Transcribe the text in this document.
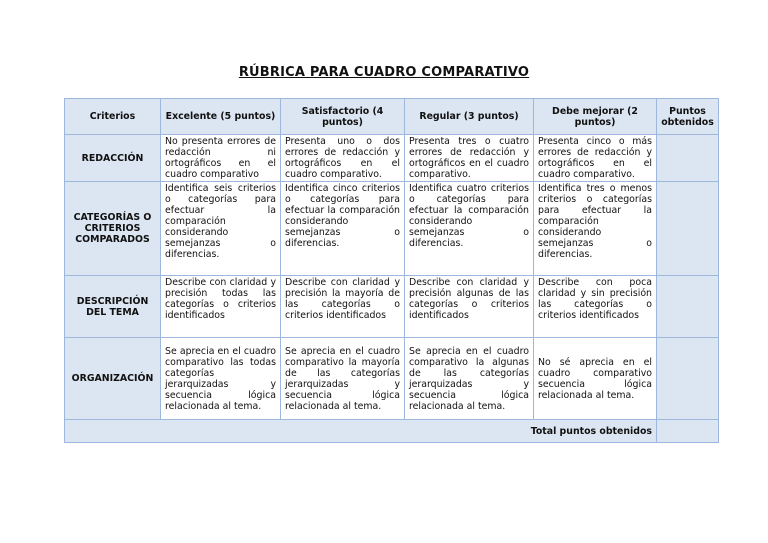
RÚBRICA PARA CUADRO COMPARATIVO
Criterios	Excelente (5 puntos)	Satisfactorio (4 puntos)	Regular (3 puntos)	Debe mejorar (2 puntos)	Puntos obtenidos
REDACCIÓN	No presenta errores de redacción ni ortográficos en el cuadro comparativo	Presenta uno o dos errores de redacción y ortográficos en el cuadro comparativo.	Presenta tres o cuatro errores de redacción y ortográficos en el cuadro comparativo.	Presenta cinco o más errores de redacción y ortográficos en el cuadro comparativo.	
CATEGORÍAS O CRITERIOS COMPARADOS	Identifica seis criterios o categorías para efectuar la comparación considerando semejanzas o diferencias.	Identifica cinco criterios o categorías para efectuar la comparación considerando semejanzas o diferencias.	Identifica cuatro criterios o categorías para efectuar la comparación considerando semejanzas o diferencias.	Identifica tres o menos criterios o categorías para efectuar la comparación considerando semejanzas o diferencias.	
DESCRIPCIÓN DEL TEMA	Describe con claridad y precisión todas las categorías o criterios identificados	Describe con claridad y precisión la mayoría de las categorías o criterios identificados	Describe con claridad y precisión algunas de las categorías o criterios identificados	Describe con poca claridad y sin precisión las categorías o criterios identificados	
ORGANIZACIÓN	Se aprecia en el cuadro comparativo las todas categorías jerarquizadas y secuencia lógica relacionada al tema.	Se aprecia en el cuadro comparativo la mayoría de las categorías jerarquizadas y secuencia lógica relacionada al tema.	Se aprecia en el cuadro comparativo la algunas de las categorías jerarquizadas y secuencia lógica relacionada al tema.	No sé aprecia en el cuadro comparativo secuencia lógica relacionada al tema.	
Total puntos obtenidos					
